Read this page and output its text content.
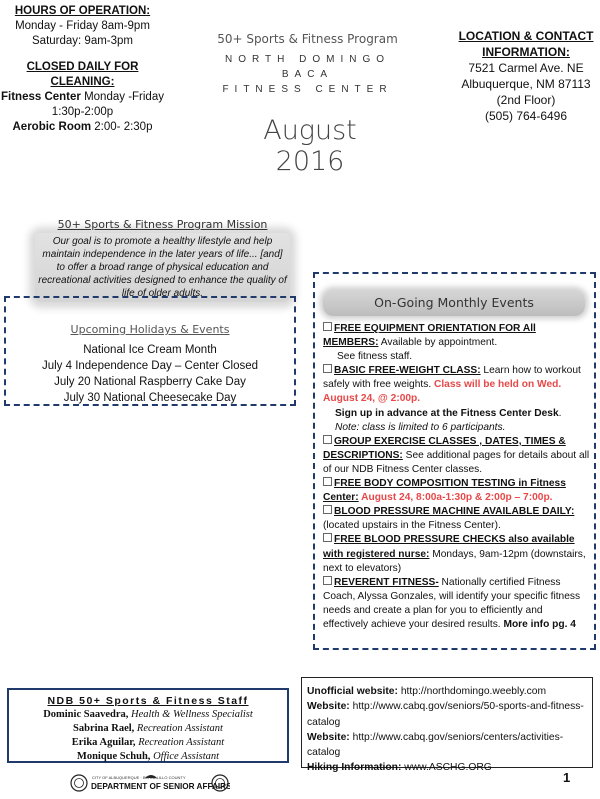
HOURS OF OPERATION:
Monday - Friday 8am-9pm
Saturday: 9am-3pm
CLOSED DAILY FOR CLEANING:
Fitness Center Monday -Friday
1:30p-2:00p
Aerobic Room 2:00- 2:30p
50+ Sports & Fitness Program
NORTH DOMINGO BACA
FITNESS CENTER
August 2016
LOCATION & CONTACT
INFORMATION:
7521 Carmel Ave. NE
Albuquerque, NM 87113
(2nd Floor)
(505) 764-6496
50+ Sports & Fitness Program Mission
Our goal is to promote a healthy lifestyle and help maintain independence in the later years of life... [and] to offer a broad range of physical education and recreational activities designed to enhance the quality of life of older adults.
Upcoming Holidays & Events
National Ice Cream Month
July 4 Independence Day – Center Closed
July 20 National Raspberry Cake Day
July 30 National Cheesecake Day
On-Going Monthly Events
FREE EQUIPMENT ORIENTATION FOR All MEMBERS: Available by appointment.
See fitness staff.
BASIC FREE-WEIGHT CLASS: Learn how to workout safely with free weights. Class will be held on Wed. August 24, @ 2:00p.
Sign up in advance at the Fitness Center Desk.
Note: class is limited to 6 participants.
GROUP EXERCISE CLASSES , DATES, TIMES & DESCRIPTIONS: See additional pages for details about all of our NDB Fitness Center classes.
FREE BODY COMPOSITION TESTING in Fitness Center: August 24, 8:00a-1:30p & 2:00p – 7:00p.
BLOOD PRESSURE MACHINE AVAILABLE DAILY: (located upstairs in the Fitness Center).
FREE BLOOD PRESSURE CHECKS also available with registered nurse: Mondays, 9am-12pm (downstairs, next to elevators)
REVERENT FITNESS- Nationally certified Fitness Coach, Alyssa Gonzales, will identify your specific fitness needs and create a plan for you to efficiently and effectively achieve your desired results. More info pg. 4
Unofficial website: http://northdomingo.weebly.com
Website: http://www.cabq.gov/seniors/50-sports-and-fitness-catalog
Website: http://www.cabq.gov/seniors/centers/activities-catalog
Hiking Information: www.ASCHG.ORG
NDB 50+ Sports & Fitness Staff
Dominic Saavedra, Health & Wellness Specialist
Sabrina Rael, Recreation Assistant
Erika Aguilar, Recreation Assistant
Monique Schuh, Office Assistant
CITY OF ALBUQUERQUE · BERNALILLO COUNTY
DEPARTMENT OF SENIOR AFFAIRS
1
